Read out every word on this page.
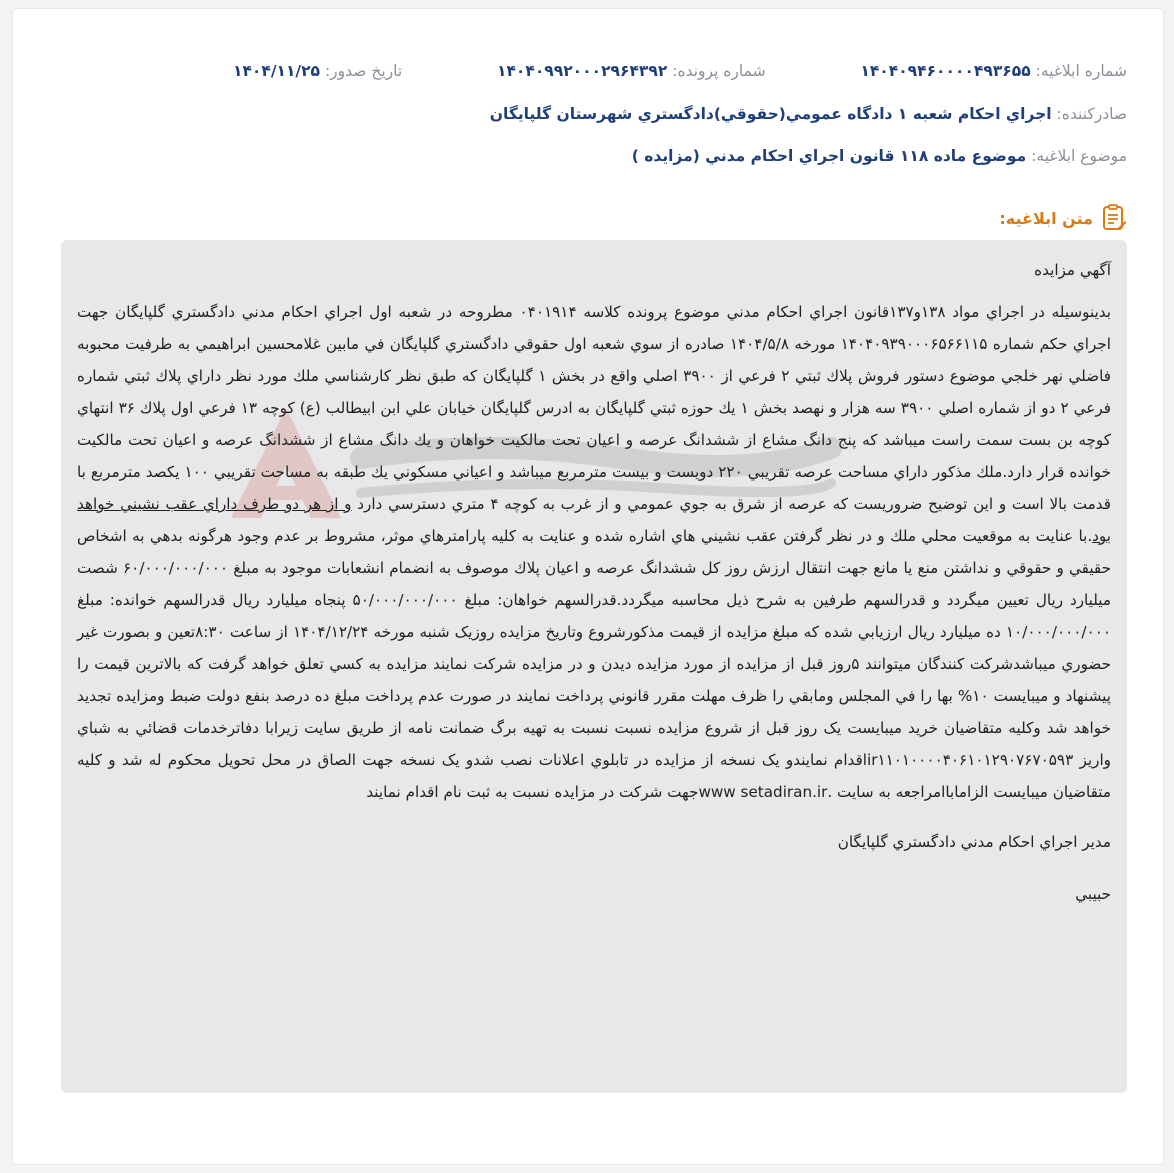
شماره ابلاغيه: ۱۴۰۴۰۹۴۶۰۰۰۰۴۹۳۶۵۵
شماره پرونده: ۱۴۰۴۰۹۹۲۰۰۰۲۹۶۴۳۹۲
تاريخ صدور: ۱۴۰۴/۱۱/۲۵
صادرکننده: اجراي احکام شعبه ۱ دادگاه عمومي(حقوقي)دادگستري شهرستان گلپايگان
موضوع ابلاغيه: موضوع ماده ۱۱۸ قانون اجراي احكام مدني (مزايده )
متن ابلاغيه:

آگهي مزايده

بدينوسيله در اجراي مواد ۱۳۸و۱۳۷قانون اجراي احكام مدني موضوع پرونده كلاسه ۰۴۰۱۹۱۴ مطروحه در شعبه اول اجراي احكام مدني دادگستري گلپايگان جهت اجراي حكم شماره ۱۴۰۴۰۹۳۹۰۰۰۶۵۶۶۱۱۵ مورخه ۱۴۰۴/۵/۸ صادره از سوي شعبه اول حقوقي دادگستري گلپايگان في مابين غلامحسين ابراهيمي به طرفيت محبوبه فاضلي نهر خلجي موضوع دستور فروش پلاك ثبتي ۲ فرعي از ۳۹۰۰ اصلي واقع در بخش ۱ گلپايگان كه طبق نظر كارشناسي ملك مورد نظر داراي پلاك ثبتي شماره فرعي ۲ دو از شماره اصلي ۳۹۰۰ سه هزار و نهصد بخش ۱ يك حوزه ثبتي گلپايگان به ادرس گلپايگان خيابان علي ابن ابيطالب (ع) كوچه ۱۳ فرعي اول پلاك ۳۶ انتهاي كوچه بن بست سمت راست ميباشد كه پنج دانگ مشاع از ششدانگ عرصه و اعيان تحت مالكيت خواهان و يك دانگ مشاع از ششدانگ عرصه و اعيان تحت مالكيت خوانده قرار دارد.ملك مذكور داراي مساحت عرصه تقريبي ۲۲۰ دويست و بيست مترمربع ميباشد و اعياني مسكوني يك طبقه به مساحت تقريبي ۱۰۰ يكصد مترمربع با قدمت بالا است و اين توضيح ضروريست كه عرصه از شرق به جوي عمومي و از غرب به كوچه ۴ متري دسترسي دارد و از هر دو طرف داراي عقب نشيني خواهد بود.با عنايت به موقعيت محلي ملك و در نظر گرفتن عقب نشيني هاي اشاره شده و عنايت به كليه پارامترهاي موثر، مشروط بر عدم وجود هرگونه بدهي به اشخاص حقيقي و حقوقي و نداشتن منع يا مانع جهت انتقال ارزش روز كل ششدانگ عرصه و اعيان پلاك موصوف به انضمام انشعابات موجود به مبلغ ۶۰/۰۰۰/۰۰۰/۰۰۰ شصت ميليارد ريال تعيين ميگردد و قدرالسهم طرفين به شرح ذيل محاسبه ميگردد.قدرالسهم خواهان: مبلغ ۵۰/۰۰۰/۰۰۰/۰۰۰ پنجاه ميليارد ريال قدرالسهم خوانده: مبلغ ۱۰/۰۰۰/۰۰۰/۰۰۰ ده ميليارد ريال ارزيابي شده كه مبلغ مزايده از قيمت مذكورشروع وتاريخ مزايده روزيک شنبه مورخه ۱۴۰۴/۱۲/۲۴ از ساعت ۸:۳۰تعين و بصورت غير حضوري ميباشدشرکت کنندگان ميتوانند ۵روز قبل از مزايده از مورد مزايده ديدن و در مزايده شرکت نمايند مزايده به کسي تعلق خواهد گرفت که بالاترين قيمت را پيشنهاد و ميبايست ۱۰% بها را في المجلس ومابقي را ظرف مهلت مقرر قانوني پرداخت نمايند در صورت عدم پرداخت مبلغ ده درصد بنفع دولت ضبط ومزايده تجديد خواهد شد وکليه متقاضيان خريد ميبايست يک روز قبل از شروع مزايده نسبت نسبت به تهيه برگ ضمانت نامه از طريق سايت زيرابا دفاترخدمات قضائي به شباي واريز ir۱۱۰۱۰۰۰۰۴۰۶۱۰۱۲۹۰۷۶۷۰۵۹۳اقدام نمايندو يک نسخه از مزايده در تابلوي اعلانات نصب شدو يک نسخه جهت الصاق در محل تحويل محکوم له شد و کليه متقاضيان ميبايست الزاماباامراجعه به سايت .www setadiran.irجهت شرکت در مزايده نسبت به ثبت نام اقدام نمايند

مدير اجراي احكام مدني دادگستري گلپايگان

حبيبي
